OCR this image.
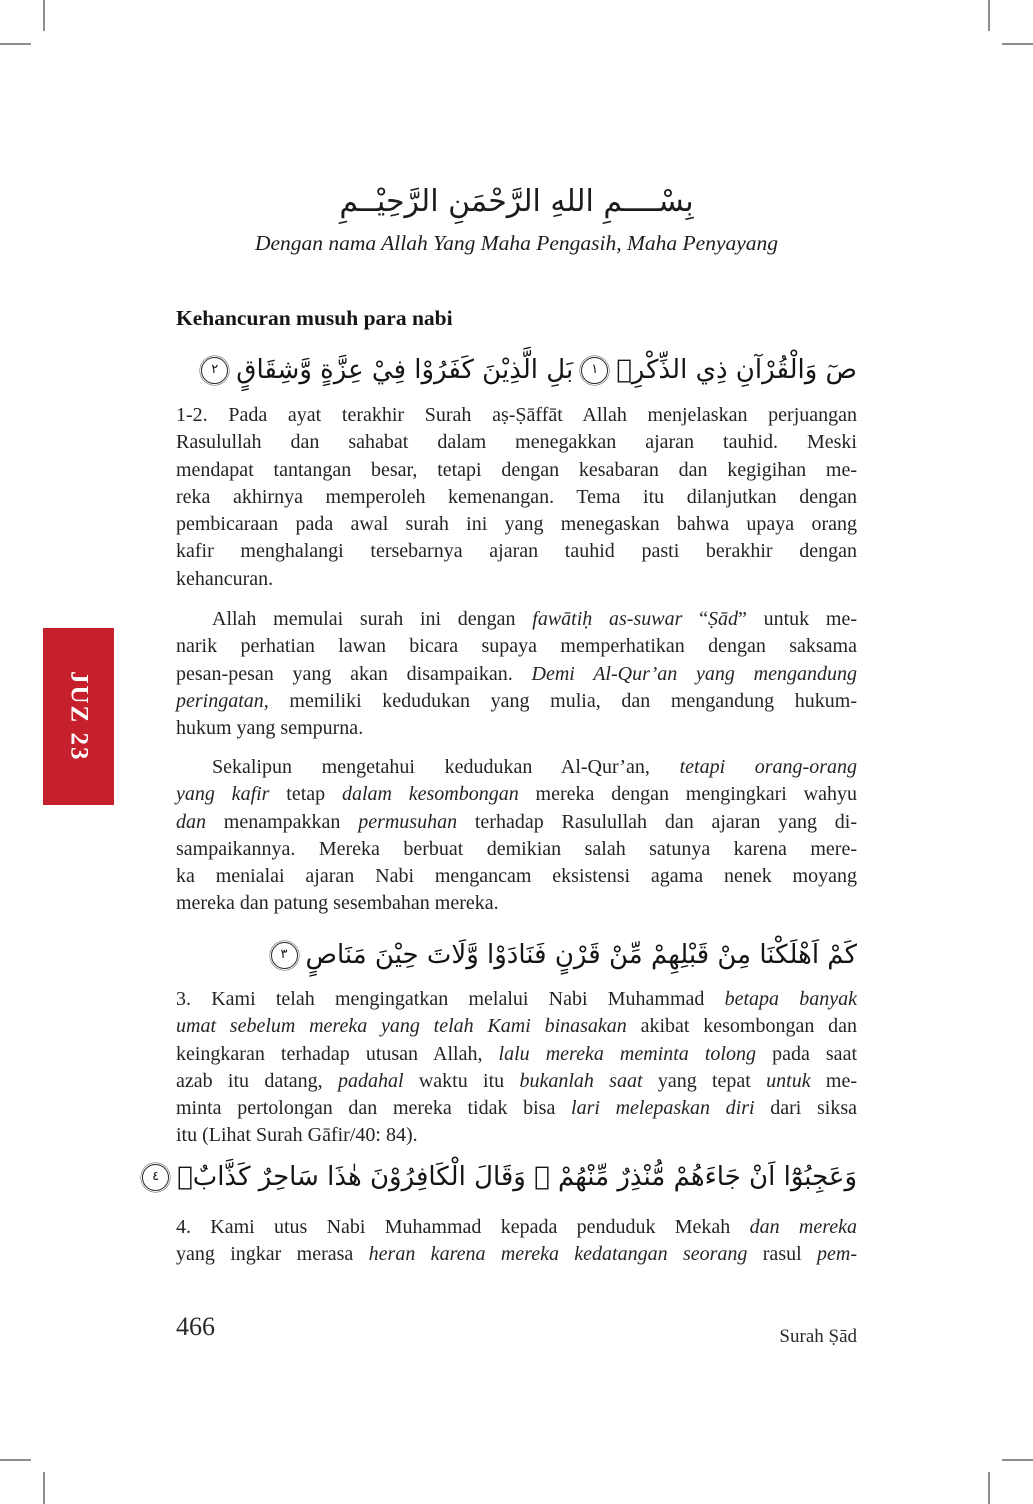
JUZ 23
بِسْــــمِ اللهِ الرَّحْمَنِ الرَّحِيْــمِ
Dengan nama Allah Yang Maha Pengasih, Maha Penyayang
Kehancuran musuh para nabi
صٓ وَالْقُرْآنِ ذِي الذِّكْرِۗ١بَلِ الَّذِيْنَ كَفَرُوْا فِيْ عِزَّةٍ وَّشِقَاقٍ٢
1-2. Pada ayat terakhir Surah aṣ-Ṣāffāt Allah menjelaskan perjuangan
Rasulullah dan sahabat dalam menegakkan ajaran tauhid. Meski
mendapat tantangan besar, tetapi dengan kesabaran dan kegigihan me-
reka akhirnya memperoleh kemenangan. Tema itu dilanjutkan dengan
pembicaraan pada awal surah ini yang menegaskan bahwa upaya orang
kafir menghalangi tersebarnya ajaran tauhid pasti berakhir dengan
kehancuran.
Allah memulai surah ini dengan fawātiḥ as-suwar “Ṣād” untuk me-
narik perhatian lawan bicara supaya memperhatikan dengan saksama
pesan-pesan yang akan disampaikan. Demi Al-Qur’an yang mengandung
peringatan, memiliki kedudukan yang mulia, dan mengandung hukum-
hukum yang sempurna.
Sekalipun mengetahui kedudukan Al-Qur’an, tetapi orang-orang
yang kafir tetap dalam kesombongan mereka dengan mengingkari wahyu
dan menampakkan permusuhan terhadap Rasulullah dan ajaran yang di-
sampaikannya. Mereka berbuat demikian salah satunya karena mere-
ka menialai ajaran Nabi mengancam eksistensi agama nenek moyang
mereka dan patung sesembahan mereka.
كَمْ اَهْلَكْنَا مِنْ قَبْلِهِمْ مِّنْ قَرْنٍ فَنَادَوْا وَّلَاتَ حِيْنَ مَنَاصٍ٣
3. Kami telah mengingatkan melalui Nabi Muhammad betapa banyak
umat sebelum mereka yang telah Kami binasakan akibat kesombongan dan
keingkaran terhadap utusan Allah, lalu mereka meminta tolong pada saat
azab itu datang, padahal waktu itu bukanlah saat yang tepat untuk me-
minta pertolongan dan mereka tidak bisa lari melepaskan diri dari siksa
itu (Lihat Surah Gāfir/40: 84).
وَعَجِبُوْٓا اَنْ جَاءَهُمْ مُّنْذِرٌ مِّنْهُمْ ۖ وَقَالَ الْكَافِرُوْنَ هٰذَا سَاحِرٌ كَذَّابٌۚ٤
4. Kami utus Nabi Muhammad kepada penduduk Mekah dan mereka
yang ingkar merasa heran karena mereka kedatangan seorang rasul pem-
466	Surah Ṣād
